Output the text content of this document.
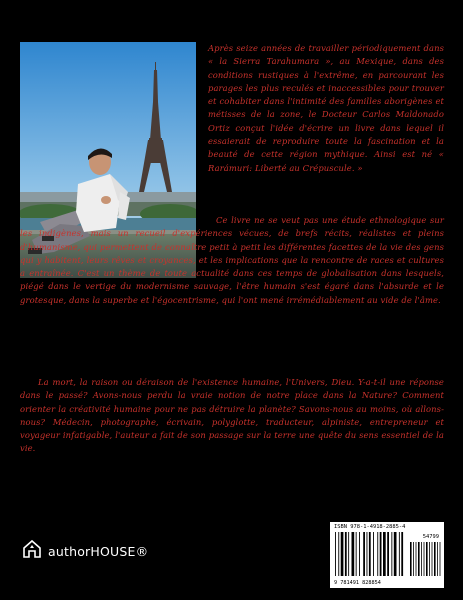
Après seize années de travailler périodiquement dans « la Sierra Tarahumara », au Mexique, dans des conditions rustiques à l'extrême, en parcourant les parages les plus reculés et inaccessibles pour trouver et cohabiter dans l'intimité des familles aborigènes et métisses de la zone, le Docteur Carlos Maldonado Ortiz conçut l'idée d'écrire un livre dans lequel il essaierait de reproduire toute la fascination et la beauté de cette région mythique. Ainsi est né « Rarámuri: Liberté au Crépuscule. »

Ce livre ne se veut pas une étude ethnologique sur les indigènes, mais un recueil d'expériences vécues, de brefs récits, réalistes et pleins d'humanisme, qui permettent de connaître petit à petit les différentes facettes de la vie des gens qui y habitent, leurs rêves et croyances, et les implications que la rencontre de races et cultures a entraînée. C'est un thème de toute actualité dans ces temps de globalisation dans lesquels, piégé dans le vertige du modernisme sauvage, l'être humain s'est égaré dans l'absurde et le grotesque, dans la superbe et l'égocentrisme, qui l'ont mené irrémédiablement au vide de l'âme.

La mort, la raison ou déraison de l'existence humaine, l'Univers, Dieu. Y-a-t-il une réponse dans le passé? Avons-nous perdu la vraie notion de notre place dans la Nature? Comment orienter la créativité humaine pour ne pas détruire la planète? Savons-nous au moins, où allons-nous? Médecin, photographe, écrivain, polyglotte, traducteur, alpiniste, entrepreneur et voyageur infatigable, l'auteur a fait de son passage sur la terre une quête du sens essentiel de la vie.

authorHOUSE®
ISBN 978-1-4918-2885-4
54799
9 781491 828854
